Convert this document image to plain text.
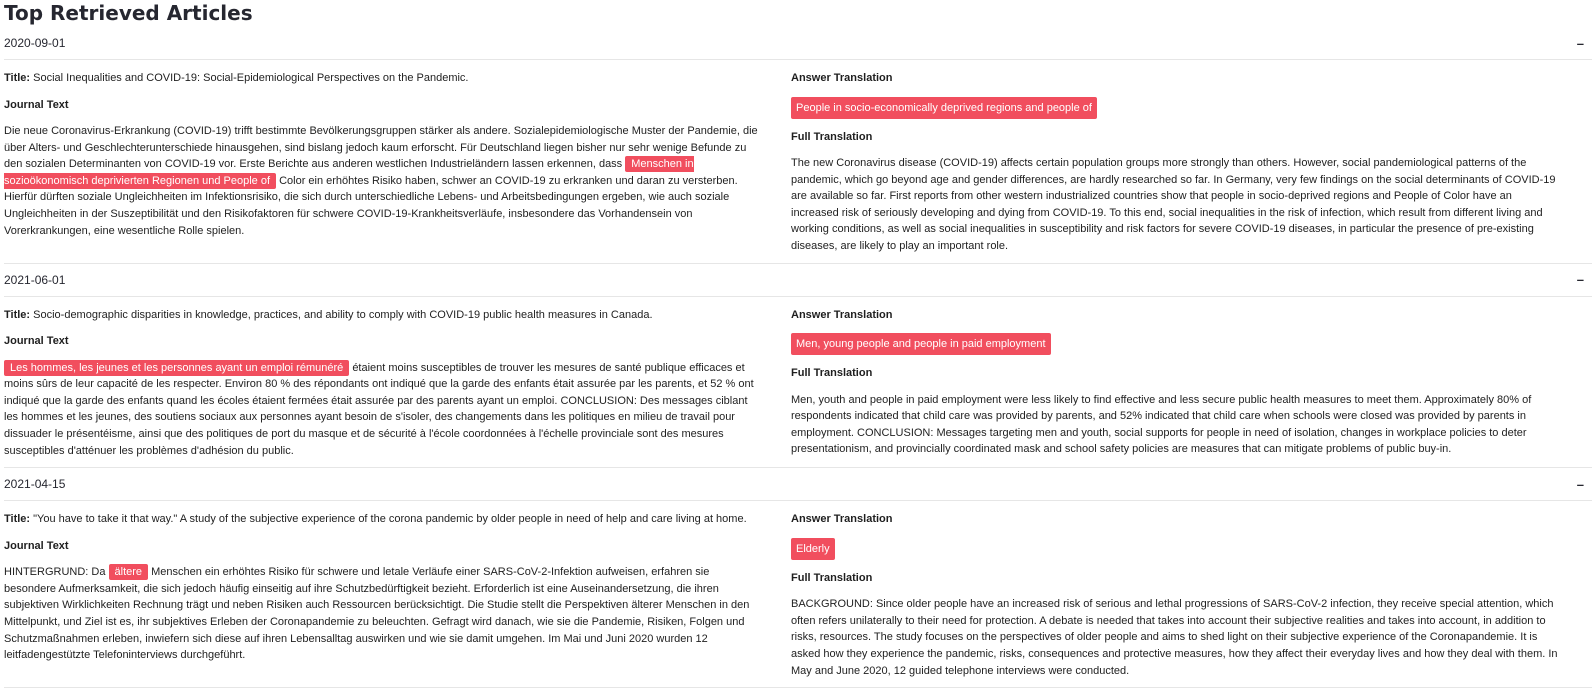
Top Retrieved Articles
2020-09-01	–
Title: Social Inequalities and COVID-19: Social-Epidemiological Perspectives on the Pandemic.
Journal Text

Die neue Coronavirus-Erkrankung (COVID-19) trifft bestimmte Bevölkerungsgruppen stärker als andere. Sozialepidemiologische Muster der Pandemie, die über Alters- und Geschlechterunterschiede hinausgehen, sind bislang jedoch kaum erforscht. Für Deutschland liegen bisher nur sehr wenige Befunde zu den sozialen Determinanten von COVID-19 vor. Erste Berichte aus anderen westlichen Industrieländern lassen erkennen, dass Menschen in sozioökonomisch deprivierten Regionen und People of Color ein erhöhtes Risiko haben, schwer an COVID-19 zu erkranken und daran zu versterben. Hierfür dürften soziale Ungleichheiten im Infektionsrisiko, die sich durch unterschiedliche Lebens- und Arbeitsbedingungen ergeben, wie auch soziale Ungleichheiten in der Suszeptibilität und den Risikofaktoren für schwere COVID-19-Krankheitsverläufe, insbesondere das Vorhandensein von Vorerkrankungen, eine wesentliche Rolle spielen.

Answer Translation
People in socio-economically deprived regions and people of
Full Translation

The new Coronavirus disease (COVID-19) affects certain population groups more strongly than others. However, social pandemiological patterns of the pandemic, which go beyond age and gender differences, are hardly researched so far. In Germany, very few findings on the social determinants of COVID-19 are available so far. First reports from other western industrialized countries show that people in socio-deprived regions and People of Color have an increased risk of seriously developing and dying from COVID-19. To this end, social inequalities in the risk of infection, which result from different living and working conditions, as well as social inequalities in susceptibility and risk factors for severe COVID-19 diseases, in particular the presence of pre-existing diseases, are likely to play an important role.

2021-06-01	–
Title: Socio-demographic disparities in knowledge, practices, and ability to comply with COVID-19 public health measures in Canada.
Journal Text

Les hommes, les jeunes et les personnes ayant un emploi rémunéré étaient moins susceptibles de trouver les mesures de santé publique efficaces et moins sûrs de leur capacité de les respecter. Environ 80 % des répondants ont indiqué que la garde des enfants était assurée par les parents, et 52 % ont indiqué que la garde des enfants quand les écoles étaient fermées était assurée par des parents ayant un emploi. CONCLUSION: Des messages ciblant les hommes et les jeunes, des soutiens sociaux aux personnes ayant besoin de s'isoler, des changements dans les politiques en milieu de travail pour dissuader le présentéisme, ainsi que des politiques de port du masque et de sécurité à l'école coordonnées à l'échelle provinciale sont des mesures susceptibles d'atténuer les problèmes d'adhésion du public.

Answer Translation
Men, young people and people in paid employment
Full Translation

Men, youth and people in paid employment were less likely to find effective and less secure public health measures to meet them. Approximately 80% of respondents indicated that child care was provided by parents, and 52% indicated that child care when schools were closed was provided by parents in employment. CONCLUSION: Messages targeting men and youth, social supports for people in need of isolation, changes in workplace policies to deter presentationism, and provincially coordinated mask and school safety policies are measures that can mitigate problems of public buy-in.

2021-04-15	–
Title: "You have to take it that way." A study of the subjective experience of the corona pandemic by older people in need of help and care living at home.
Journal Text

HINTERGRUND: Da ältere Menschen ein erhöhtes Risiko für schwere und letale Verläufe einer SARS-CoV-2-Infektion aufweisen, erfahren sie besondere Aufmerksamkeit, die sich jedoch häufig einseitig auf ihre Schutzbedürftigkeit bezieht. Erforderlich ist eine Auseinandersetzung, die ihren subjektiven Wirklichkeiten Rechnung trägt und neben Risiken auch Ressourcen berücksichtigt. Die Studie stellt die Perspektiven älterer Menschen in den Mittelpunkt, und Ziel ist es, ihr subjektives Erleben der Coronapandemie zu beleuchten. Gefragt wird danach, wie sie die Pandemie, Risiken, Folgen und Schutzmaßnahmen erleben, inwiefern sich diese auf ihren Lebensalltag auswirken und wie sie damit umgehen. Im Mai und Juni 2020 wurden 12 leitfadengestützte Telefoninterviews durchgeführt.

Answer Translation
Elderly
Full Translation

BACKGROUND: Since older people have an increased risk of serious and lethal progressions of SARS-CoV-2 infection, they receive special attention, which often refers unilaterally to their need for protection. A debate is needed that takes into account their subjective realities and takes into account, in addition to risks, resources. The study focuses on the perspectives of older people and aims to shed light on their subjective experience of the Coronapandemie. It is asked how they experience the pandemic, risks, consequences and protective measures, how they affect their everyday lives and how they deal with them. In May and June 2020, 12 guided telephone interviews were conducted.
